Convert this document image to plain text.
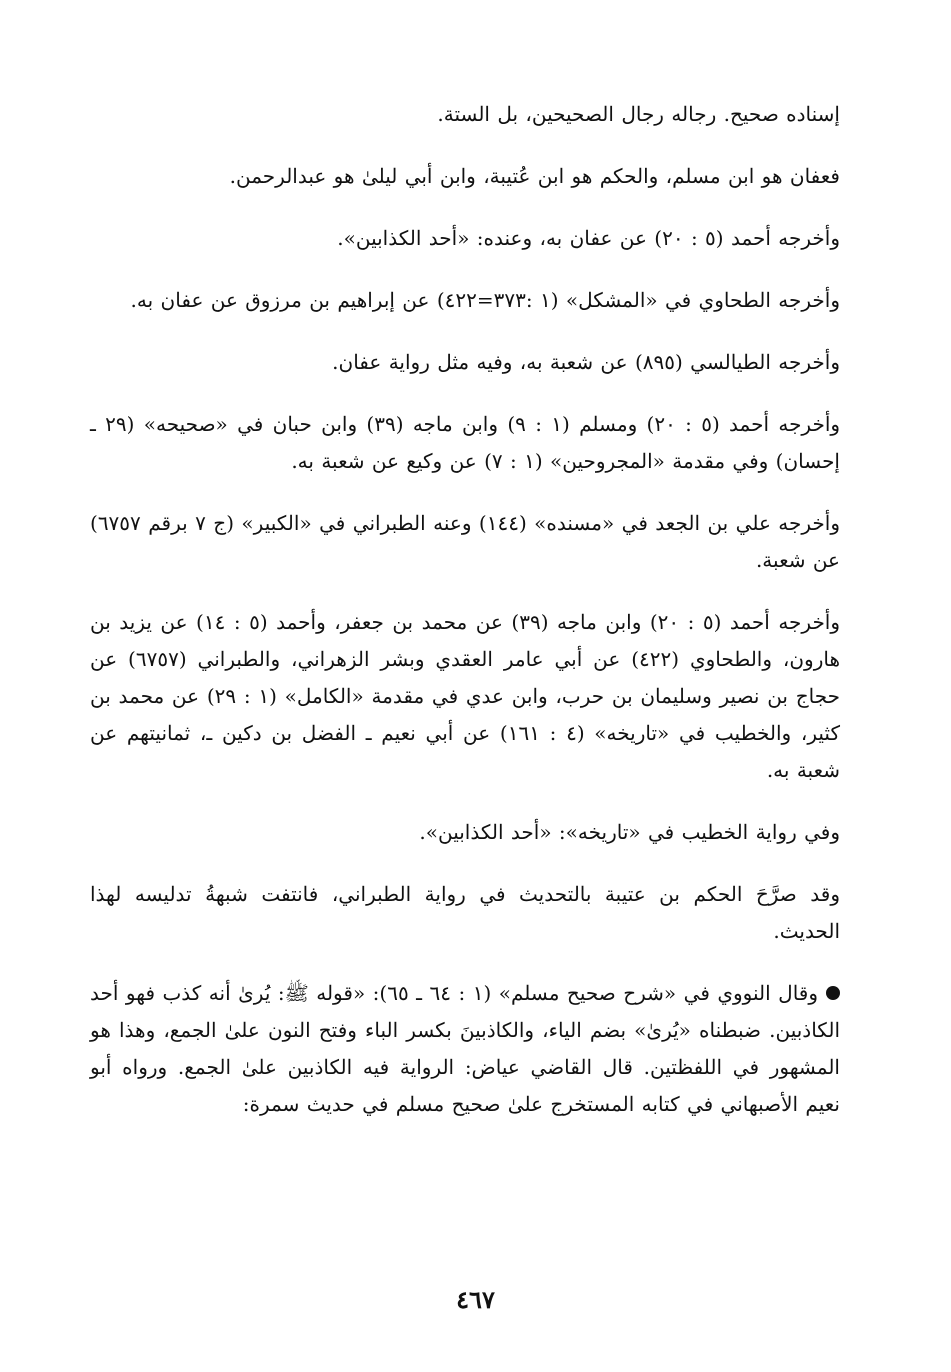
إسناده صحيح. رجاله رجال الصحيحين، بل الستة.

فعفان هو ابن مسلم، والحكم هو ابن عُتيبة، وابن أبي ليلىٰ هو عبدالرحمن.

وأخرجه أحمد (٥ : ٢٠) عن عفان به، وعنده: «أحد الكذابين».

وأخرجه الطحاوي في «المشكل» (١ :٣٧٣=٤٢٢) عن إبراهيم بن مرزوق عن عفان به.

وأخرجه الطيالسي (٨٩٥) عن شعبة به، وفيه مثل رواية عفان.

وأخرجه أحمد (٥ : ٢٠) ومسلم (١ : ٩) وابن ماجه (٣٩) وابن حبان في «صحيحه» (٢٩ ـ إحسان) وفي مقدمة «المجروحين» (١ : ٧) عن وكيع عن شعبة به.

وأخرجه علي بن الجعد في «مسنده» (١٤٤) وعنه الطبراني في «الكبير» (ج ٧ برقم ٦٧٥٧) عن شعبة.

وأخرجه أحمد (٥ : ٢٠) وابن ماجه (٣٩) عن محمد بن جعفر، وأحمد (٥ : ١٤) عن يزيد بن هارون، والطحاوي (٤٢٢) عن أبي عامر العقدي وبشر الزهراني، والطبراني (٦٧٥٧) عن حجاج بن نصير وسليمان بن حرب، وابن عدي في مقدمة «الكامل» (١ : ٢٩) عن محمد بن كثير، والخطيب في «تاريخه» (٤ : ١٦١) عن أبي نعيم ـ الفضل بن دكين ـ، ثمانيتهم عن شعبة به.

وفي رواية الخطيب في «تاريخه»: «أحد الكذابين».

وقد صرَّحَ الحكم بن عتيبة بالتحديث في رواية الطبراني، فانتفت شبهةُ تدليسه لهذا الحديث.

وقال النووي في «شرح صحيح مسلم» (١ : ٦٤ ـ ٦٥): «قوله ﷺ: يُرىٰ أنه كذب فهو أحد الكاذبين. ضبطناه «يُرىٰ» بضم الياء، والكاذبينَ بكسر الباء وفتح النون علىٰ الجمع، وهذا هو المشهور في اللفظتين. قال القاضي عياض: الرواية فيه الكاذبين علىٰ الجمع. ورواه أبو نعيم الأصبهاني في كتابه المستخرج علىٰ صحيح مسلم في حديث سمرة:

٤٦٧
